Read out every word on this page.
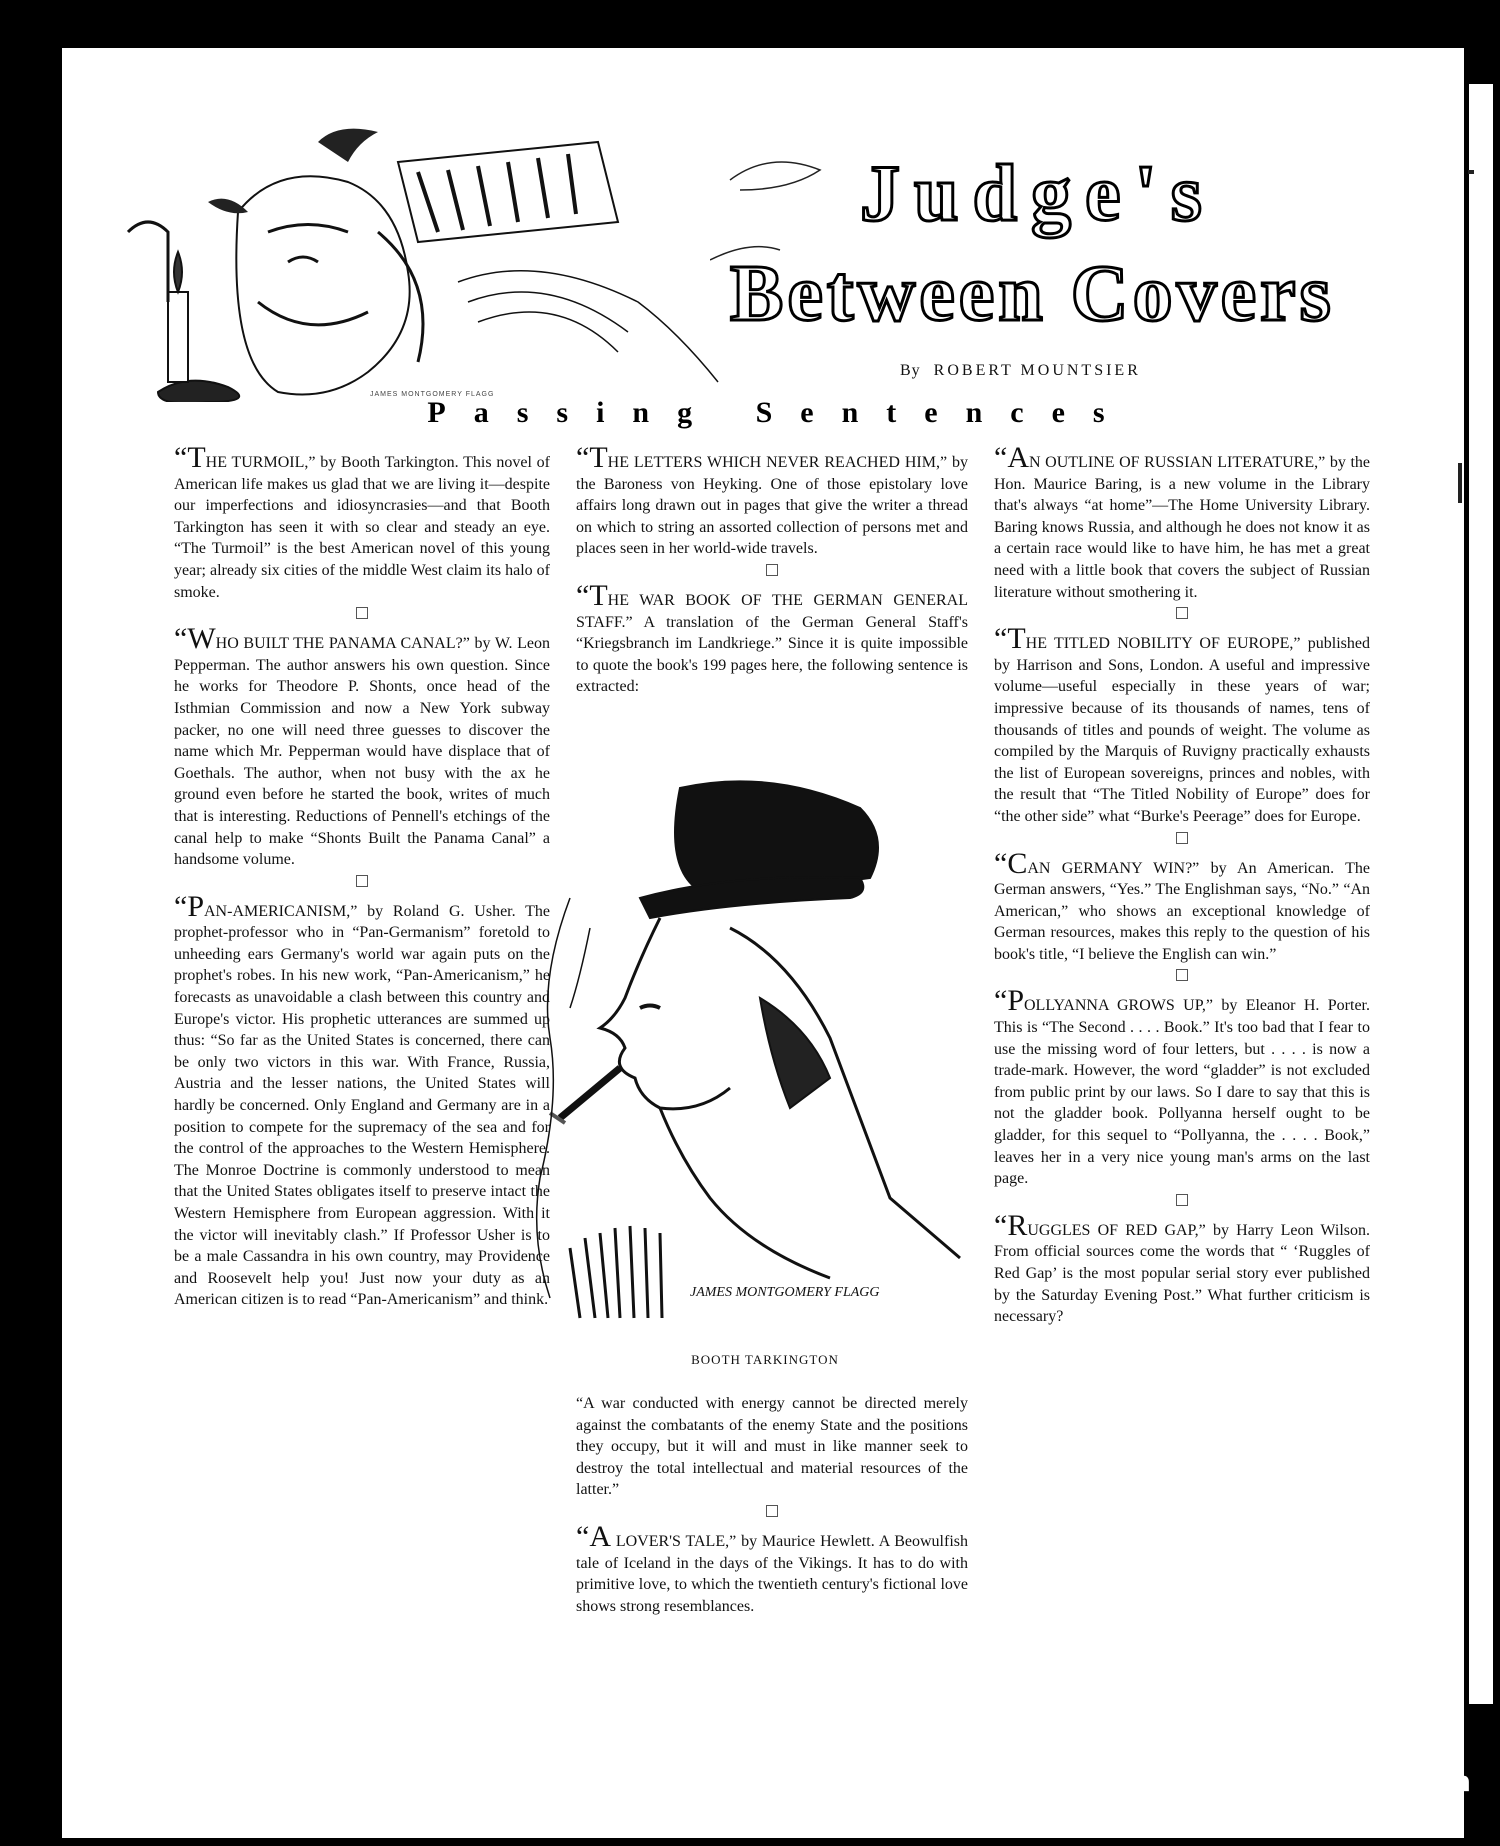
JAMES MONTGOMERY FLAGG
Judge's
Between Covers
By ROBERT MOUNTSIER
Passing Sentences

“THE TURMOIL,” by Booth Tarkington. This novel of American life makes us glad that we are living it—despite our imperfections and idiosyncrasies—and that Booth Tarkington has seen it with so clear and steady an eye. “The Turmoil” is the best American novel of this young year; already six cities of the middle West claim its halo of smoke.

“WHO BUILT THE PANAMA CANAL?” by W. Leon Pepperman. The author answers his own question. Since he works for Theodore P. Shonts, once head of the Isthmian Commission and now a New York subway packer, no one will need three guesses to discover the name which Mr. Pepperman would have displace that of Goethals. The author, when not busy with the ax he ground even before he started the book, writes of much that is interesting. Reductions of Pennell's etchings of the canal help to make “Shonts Built the Panama Canal” a handsome volume.

“PAN-AMERICANISM,” by Roland G. Usher. The prophet-professor who in “Pan-Germanism” foretold to unheeding ears Germany's world war again puts on the prophet's robes. In his new work, “Pan-Americanism,” he forecasts as unavoidable a clash between this country and Europe's victor. His prophetic utterances are summed up thus: “So far as the United States is concerned, there can be only two victors in this war. With France, Russia, Austria and the lesser nations, the United States will hardly be concerned. Only England and Germany are in a position to compete for the supremacy of the sea and for the control of the approaches to the Western Hemisphere. The Monroe Doctrine is commonly understood to mean that the United States obligates itself to preserve intact the Western Hemisphere from European aggression. With it the victor will inevitably clash.” If Professor Usher is to be a male Cassandra in his own country, may Providence and Roosevelt help you! Just now your duty as an American citizen is to read “Pan-Americanism” and think.

“THE LETTERS WHICH NEVER REACHED HIM,” by the Baroness von Heyking. One of those epistolary love affairs long drawn out in pages that give the writer a thread on which to string an assorted collection of persons met and places seen in her world-wide travels.

“THE WAR BOOK OF THE GERMAN GENERAL STAFF.” A translation of the German General Staff's “Kriegsbranch im Landkriege.” Since it is quite impossible to quote the book's 199 pages here, the following sentence is extracted:

JAMES MONTGOMERY FLAGG
BOOTH TARKINGTON

“A war conducted with energy cannot be directed merely against the combatants of the enemy State and the positions they occupy, but it will and must in like manner seek to destroy the total intellectual and material resources of the latter.”

“A LOVER'S TALE,” by Maurice Hewlett. A Beowulfish tale of Iceland in the days of the Vikings. It has to do with primitive love, to which the twentieth century's fictional love shows strong resemblances.

“AN OUTLINE OF RUSSIAN LITERATURE,” by the Hon. Maurice Baring, is a new volume in the Library that's always “at home”—The Home University Library. Baring knows Russia, and although he does not know it as a certain race would like to have him, he has met a great need with a little book that covers the subject of Russian literature without smothering it.

“THE TITLED NOBILITY OF EUROPE,” published by Harrison and Sons, London. A useful and impressive volume—useful especially in these years of war; impressive because of its thousands of names, tens of thousands of titles and pounds of weight. The volume as compiled by the Marquis of Ruvigny practically exhausts the list of European sovereigns, princes and nobles, with the result that “The Titled Nobility of Europe” does for “the other side” what “Burke's Peerage” does for Europe.

“CAN GERMANY WIN?” by An American. The German answers, “Yes.” The Englishman says, “No.” “An American,” who shows an exceptional knowledge of German resources, makes this reply to the question of his book's title, “I believe the English can win.”

“POLLYANNA GROWS UP,” by Eleanor H. Porter. This is “The Second . . . . Book.” It's too bad that I fear to use the missing word of four letters, but . . . . is now a trade-mark. However, the word “gladder” is not excluded from public print by our laws. So I dare to say that this is not the gladder book. Pollyanna herself ought to be gladder, for this sequel to “Pollyanna, the . . . . Book,” leaves her in a very nice young man's arms on the last page.

“RUGGLES OF RED GAP,” by Harry Leon Wilson. From official sources come the words that “ ‘Ruggles of Red Gap’ is the most popular serial story ever published by the Saturday Evening Post.” What further criticism is necessary?

comicbooks.com
